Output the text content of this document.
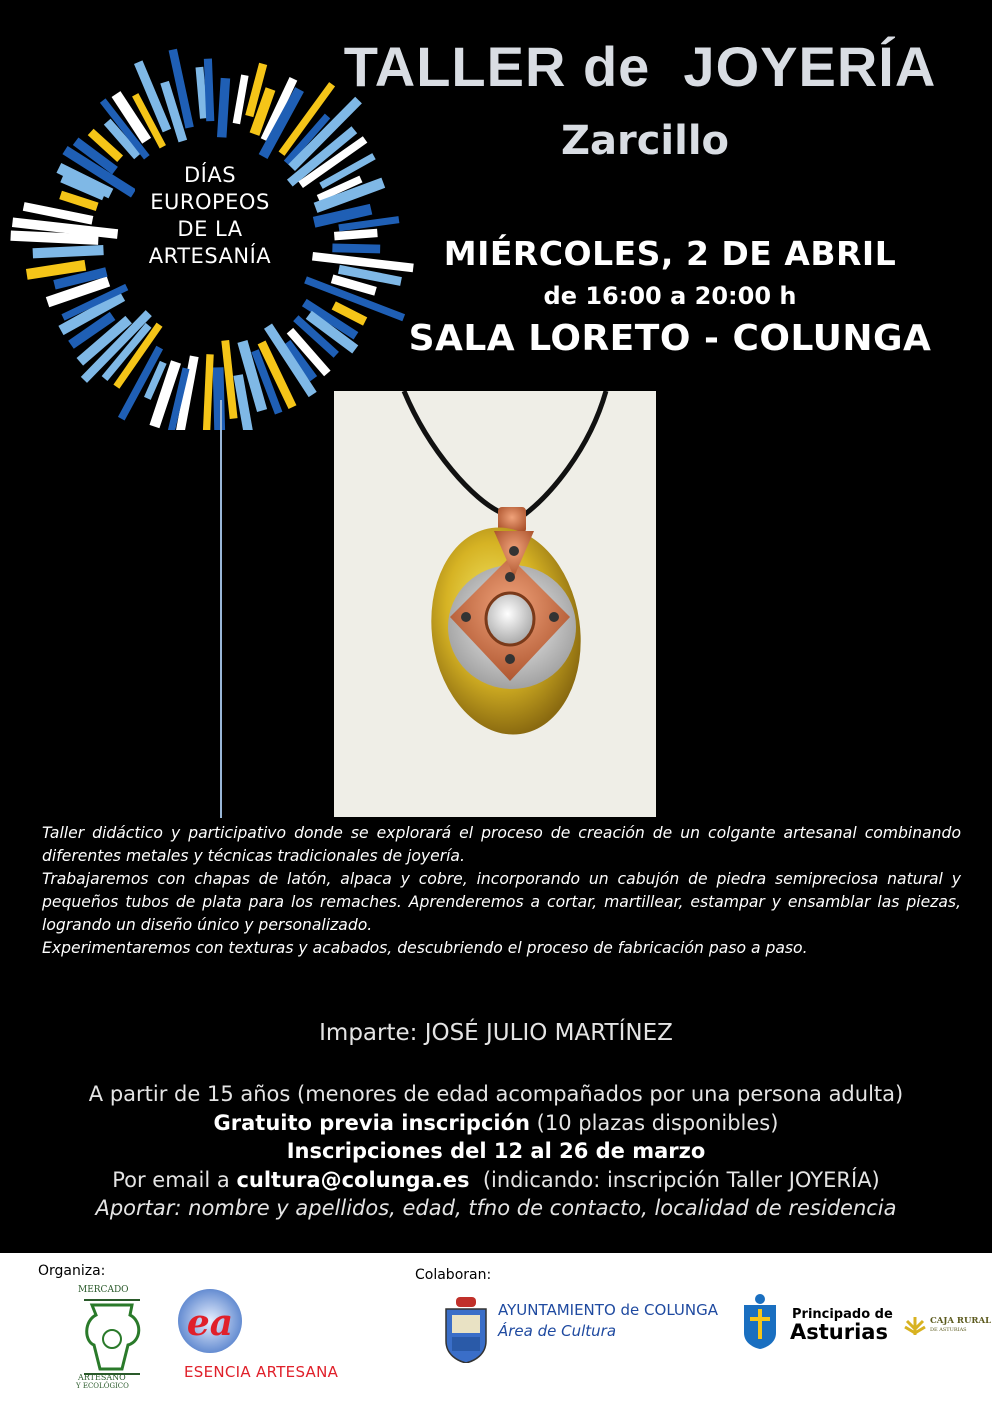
DÍAS
EUROPEOS
DE LA
ARTESANÍA
TALLER de  JOYERÍA
Zarcillo
MIÉRCOLES, 2 DE ABRIL
de 16:00 a 20:00 h
SALA LORETO - COLUNGA

Taller didáctico y participativo donde se explorará el proceso de creación de un colgante artesanal combinando diferentes metales y técnicas tradicionales de joyería.

Trabajaremos con chapas de latón, alpaca y cobre, incorporando un cabujón de piedra semipreciosa natural y pequeños tubos de plata para los remaches. Aprenderemos a cortar, martillear, estampar y ensamblar las piezas, logrando un diseño único y personalizado.

Experimentaremos con texturas y acabados, descubriendo el proceso de fabricación paso a paso.

Imparte: JOSÉ JULIO MARTÍNEZ
A partir de 15 años (menores de edad acompañados por una persona adulta)
Gratuito previa inscripción (10 plazas disponibles)
Inscripciones del 12 al 26 de marzo
Por email a cultura@colunga.es  (indicando: inscripción Taller JOYERÍA)
Aportar: nombre y apellidos, edad, tfno de contacto, localidad de residencia
Organiza:	Colaboran:
MERCADO
ARTESANO
Y ECOLÓGICO
ea
ESENCIA ARTESANA
AYUNTAMIENTO de COLUNGA
Área de Cultura
Principado de
Asturias	CAJA RURAL
DE ASTURIAS
